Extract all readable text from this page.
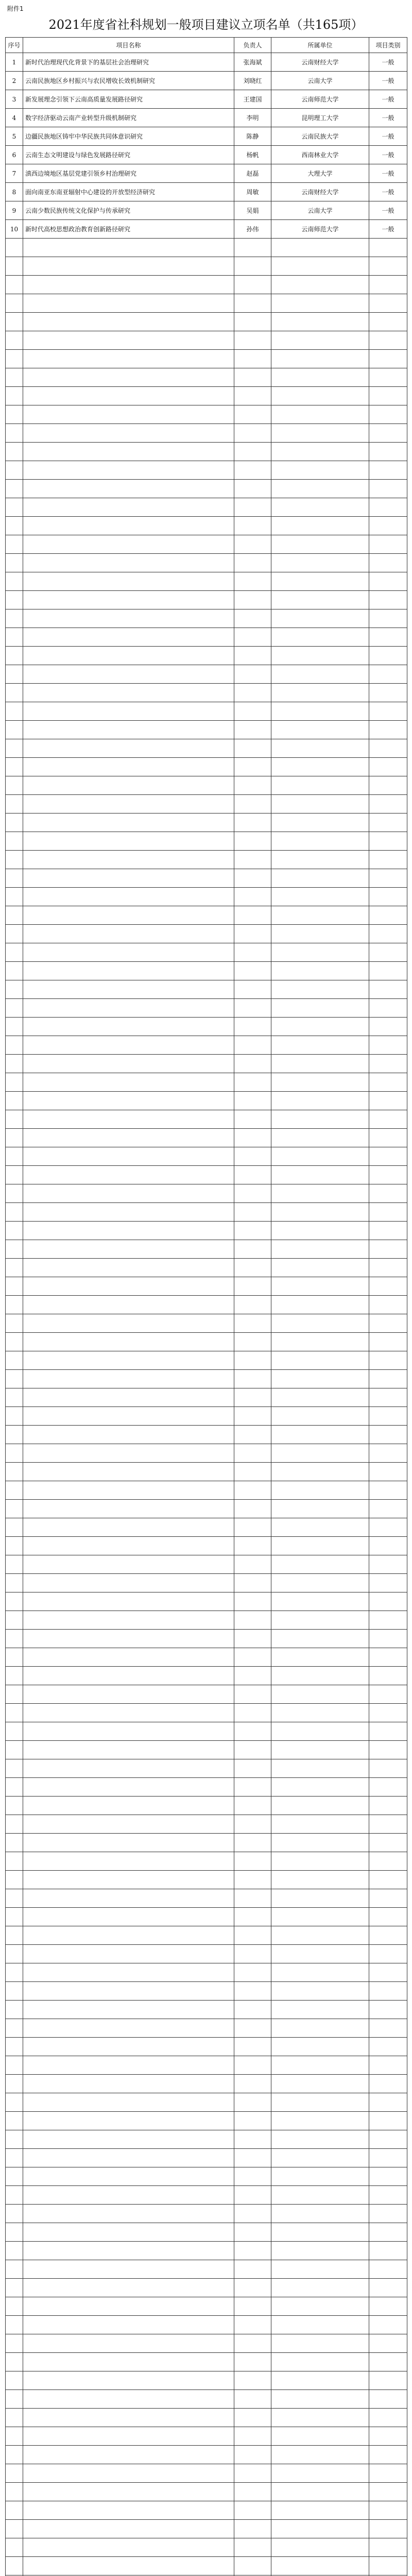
附件1
2021年度省社科规划一般项目建议立项名单（共165项）
序号	项目名称	负责人	所属单位	项目类别
1	新时代治理现代化背景下的基层社会治理研究	张海斌	云南财经大学	一般
2	云南民族地区乡村振兴与农民增收长效机制研究	刘晓红	云南大学	一般
3	新发展理念引领下云南高质量发展路径研究	王建国	云南师范大学	一般
4	数字经济驱动云南产业转型升级机制研究	李明	昆明理工大学	一般
5	边疆民族地区铸牢中华民族共同体意识研究	陈静	云南民族大学	一般
6	云南生态文明建设与绿色发展路径研究	杨帆	西南林业大学	一般
7	滇西边境地区基层党建引领乡村治理研究	赵磊	大理大学	一般
8	面向南亚东南亚辐射中心建设的开放型经济研究	周敏	云南财经大学	一般
9	云南少数民族传统文化保护与传承研究	吴娟	云南大学	一般
10	新时代高校思想政治教育创新路径研究	孙伟	云南师范大学	一般
